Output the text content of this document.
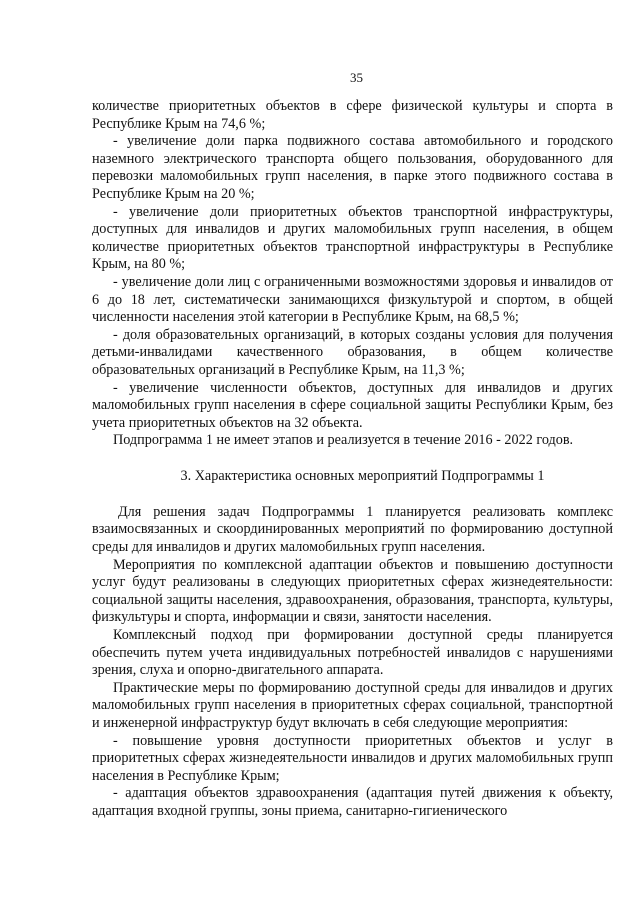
35

количестве приоритетных объектов в сфере физической культуры и спорта в Республике Крым на 74,6 %;

- увеличение доли парка подвижного состава автомобильного и городского наземного электрического транспорта общего пользования, оборудованного для перевозки маломобильных групп населения, в парке этого подвижного состава в Республике Крым на 20 %;

- увеличение доли приоритетных объектов транспортной инфраструктуры, доступных для инвалидов и других маломобильных групп населения, в общем количестве приоритетных объектов транспортной инфраструктуры в Республике Крым, на 80 %;

- увеличение доли лиц с ограниченными возможностями здоровья и инвалидов от 6 до 18 лет, систематически занимающихся физкультурой и спортом, в общей численности населения этой категории в Республике Крым, на 68,5 %;

- доля образовательных организаций, в которых созданы условия для получения детьми-инвалидами качественного образования, в общем количестве образовательных организаций в Республике Крым, на 11,3 %;

- увеличение численности объектов, доступных для инвалидов и других маломобильных групп населения в сфере социальной защиты Республики Крым, без учета приоритетных объектов на 32 объекта.

Подпрограмма 1 не имеет этапов и реализуется в течение 2016 - 2022 годов.

3. Характеристика основных мероприятий Подпрограммы 1

Для решения задач Подпрограммы 1 планируется реализовать комплекс взаимосвязанных и скоординированных мероприятий по формированию доступной среды для инвалидов и других маломобильных групп населения.

Мероприятия по комплексной адаптации объектов и повышению доступности услуг будут реализованы в следующих приоритетных сферах жизнедеятельности: социальной защиты населения, здравоохранения, образования, транспорта, культуры, физкультуры и спорта, информации и связи, занятости населения.

Комплексный подход при формировании доступной среды планируется обеспечить путем учета индивидуальных потребностей инвалидов с нарушениями зрения, слуха и опорно-двигательного аппарата.

Практические меры по формированию доступной среды для инвалидов и других маломобильных групп населения в приоритетных сферах социальной, транспортной и инженерной инфраструктур будут включать в себя следующие мероприятия:

- повышение уровня доступности приоритетных объектов и услуг в приоритетных сферах жизнедеятельности инвалидов и других маломобильных групп населения в Республике Крым;

- адаптация объектов здравоохранения (адаптация путей движения к объекту, адаптация входной группы, зоны приема, санитарно-гигиенического
